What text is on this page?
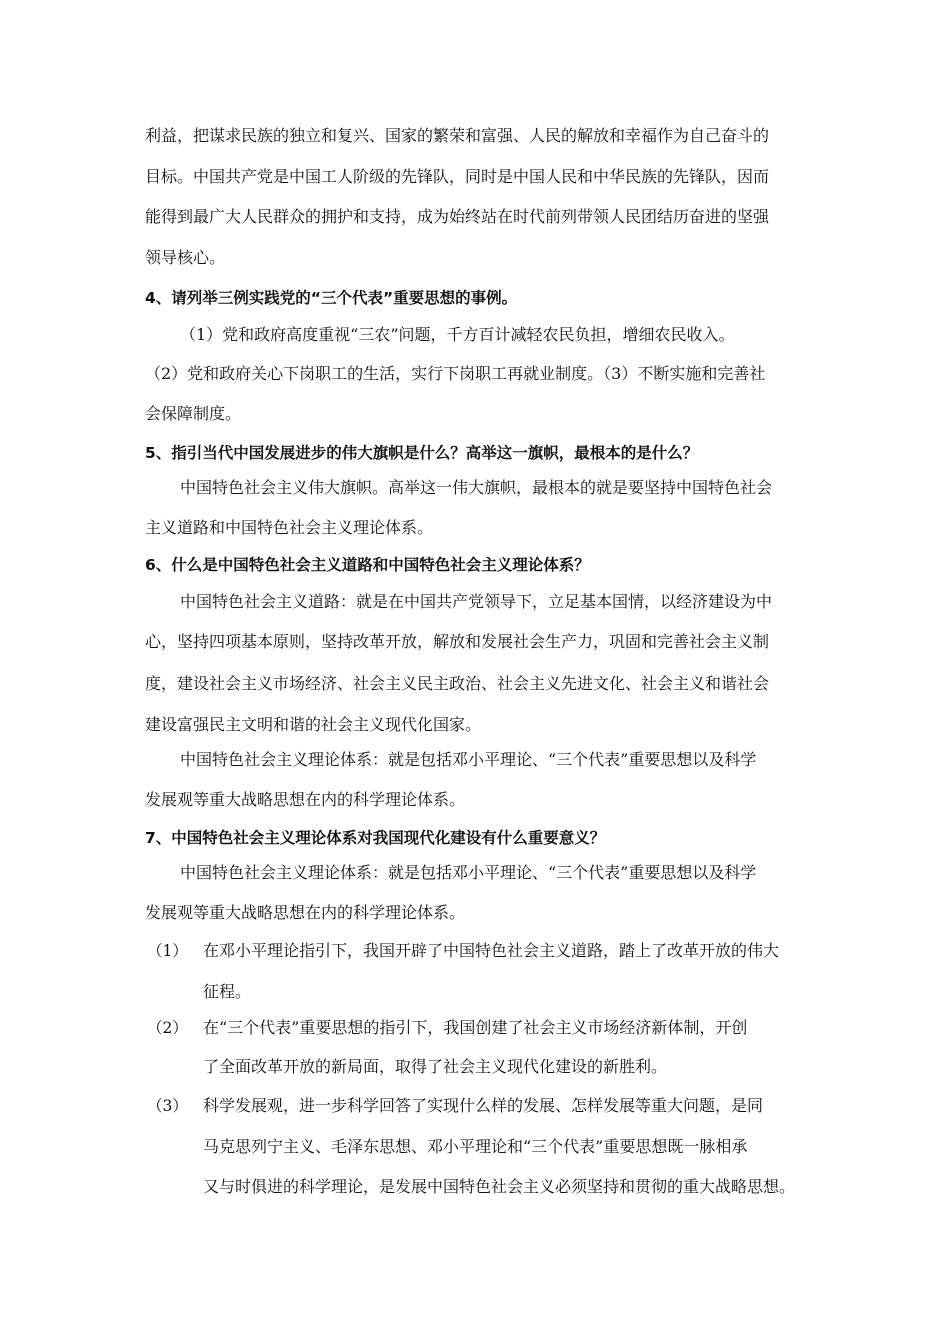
利益，把谋求民族的独立和复兴、国家的繁荣和富强、人民的解放和幸福作为自己奋斗的
目标。中国共产党是中国工人阶级的先锋队，同时是中国人民和中华民族的先锋队，因而
能得到最广大人民群众的拥护和支持，成为始终站在时代前列带领人民团结历奋进的坚强
领导核心。
4、请列举三例实践党的“三个代表”重要思想的事例。
（1）党和政府高度重视“三农”问题，千方百计减轻农民负担，增细农民收入。
（2）党和政府关心下岗职工的生活，实行下岗职工再就业制度。（3）不断实施和完善社
会保障制度。
5、指引当代中国发展进步的伟大旗帜是什么？高举这一旗帜，最根本的是什么？
中国特色社会主义伟大旗帜。高举这一伟大旗帜，最根本的就是要坚持中国特色社会
主义道路和中国特色社会主义理论体系。
6、什么是中国特色社会主义道路和中国特色社会主义理论体系？
中国特色社会主义道路：就是在中国共产党领导下，立足基本国情，以经济建设为中
心，坚持四项基本原则，坚持改革开放，解放和发展社会生产力，巩固和完善社会主义制
度，建设社会主义市场经济、社会主义民主政治、社会主义先进文化、社会主义和谐社会
建设富强民主文明和谐的社会主义现代化国家。
中国特色社会主义理论体系：就是包括邓小平理论、“三个代表”重要思想以及科学
发展观等重大战略思想在内的科学理论体系。
7、中国特色社会主义理论体系对我国现代化建设有什么重要意义？
中国特色社会主义理论体系：就是包括邓小平理论、“三个代表”重要思想以及科学
发展观等重大战略思想在内的科学理论体系。
（1） 在邓小平理论指引下，我国开辟了中国特色社会主义道路，踏上了改革开放的伟大
征程。
（2） 在“三个代表”重要思想的指引下，我国创建了社会主义市场经济新体制，开创
了全面改革开放的新局面，取得了社会主义现代化建设的新胜利。
（3） 科学发展观，进一步科学回答了实现什么样的发展、怎样发展等重大问题，是同
马克思列宁主义、毛泽东思想、邓小平理论和“三个代表”重要思想既一脉相承
又与时俱进的科学理论，是发展中国特色社会主义必须坚持和贯彻的重大战略思想。
